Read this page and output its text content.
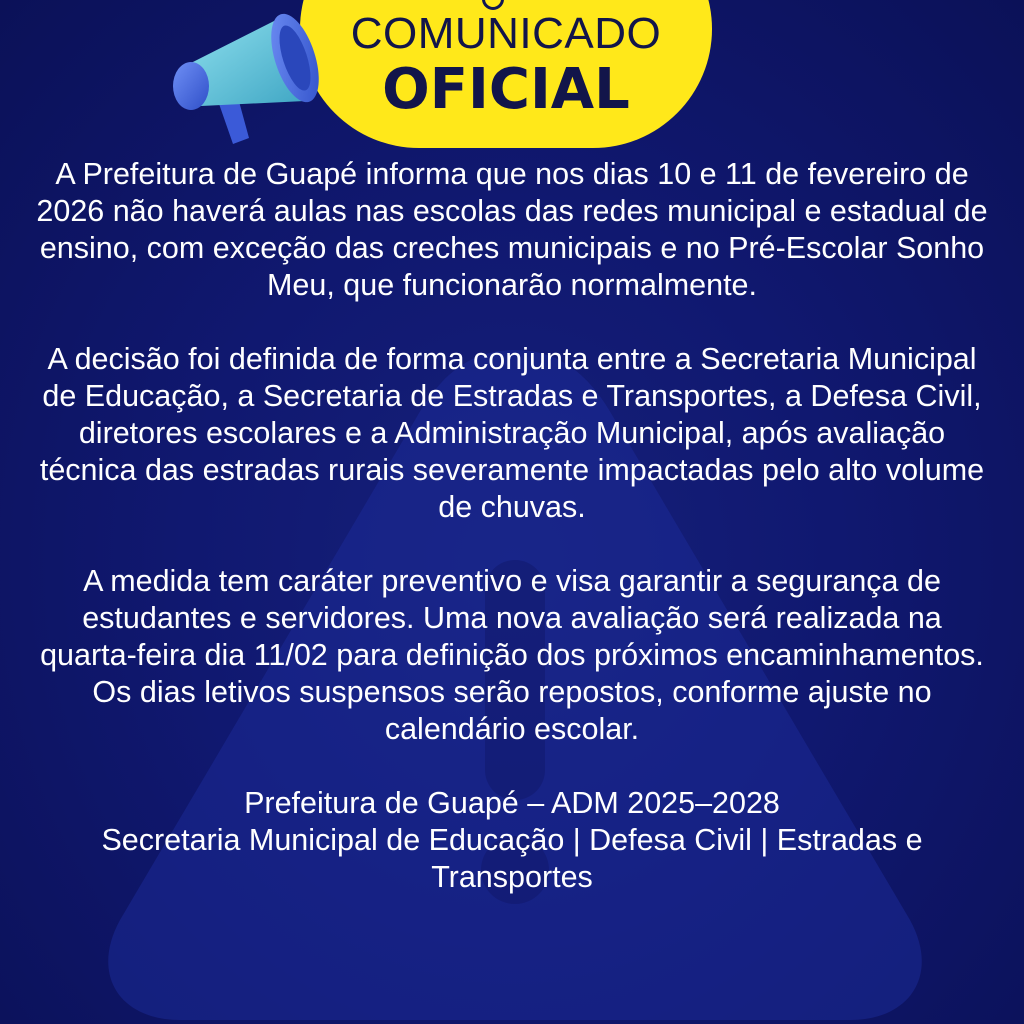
COMUNICADO
OFICIAL

A Prefeitura de Guapé informa que nos dias 10 e 11 de fevereiro de 2026 não haverá aulas nas escolas das redes municipal e estadual de ensino, com exceção das creches municipais e no Pré-Escolar Sonho Meu, que funcionarão normalmente.

A decisão foi definida de forma conjunta entre a Secretaria Municipal de Educação, a Secretaria de Estradas e Transportes, a Defesa Civil, diretores escolares e a Administração Municipal, após avaliação técnica das estradas rurais severamente impactadas pelo alto volume de chuvas.

A medida tem caráter preventivo e visa garantir a segurança de estudantes e servidores. Uma nova avaliação será realizada na quarta-feira dia 11/02 para definição dos próximos encaminhamentos.

Os dias letivos suspensos serão repostos, conforme ajuste no calendário escolar.

Prefeitura de Guapé – ADM 2025–2028

Secretaria Municipal de Educação | Defesa Civil | Estradas e Transportes
